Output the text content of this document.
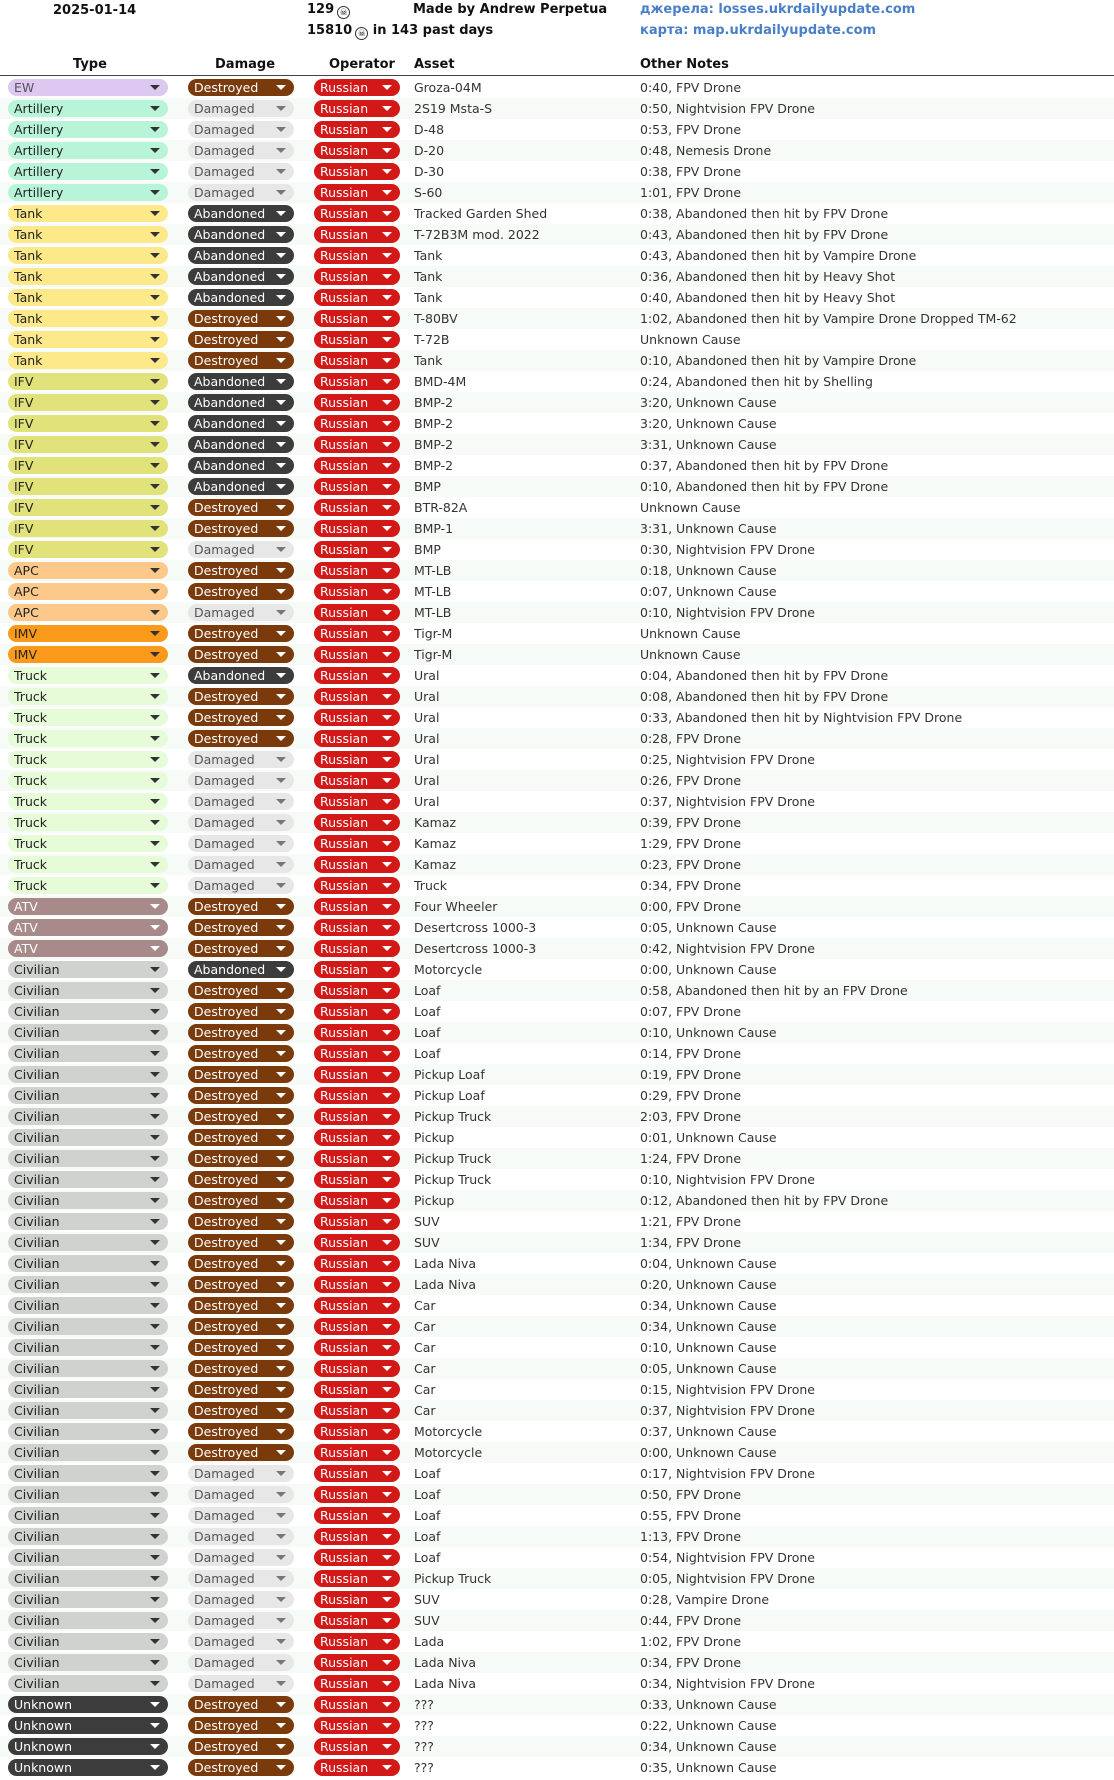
2025-01-14	129 ☠
15810 ☠ in 143 past days
Made by Andrew Perpetua	джерела: losses.ukrdailyupdate.com
карта: map.ukrdailyupdate.com
Type	Damage	Operator Asset	Other Notes
EW	Destroyed	Russian	Groza-04M	0:40, FPV Drone
Artillery	Damaged	Russian	2S19 Msta-S	0:50, Nightvision FPV Drone
Artillery	Damaged	Russian	D-48	0:53, FPV Drone
Artillery	Damaged	Russian	D-20	0:48, Nemesis Drone
Artillery	Damaged	Russian	D-30	0:38, FPV Drone
Artillery	Damaged	Russian	S-60	1:01, FPV Drone
Tank	Abandoned	Russian	Tracked Garden Shed	0:38, Abandoned then hit by FPV Drone
Tank	Abandoned	Russian	T-72B3M mod. 2022	0:43, Abandoned then hit by FPV Drone
Tank	Abandoned	Russian	Tank	0:43, Abandoned then hit by Vampire Drone
Tank	Abandoned	Russian	Tank	0:36, Abandoned then hit by Heavy Shot
Tank	Abandoned	Russian	Tank	0:40, Abandoned then hit by Heavy Shot
Tank	Destroyed	Russian	T-80BV	1:02, Abandoned then hit by Vampire Drone Dropped TM-62
Tank	Destroyed	Russian	T-72B	Unknown Cause
Tank	Destroyed	Russian	Tank	0:10, Abandoned then hit by Vampire Drone
IFV	Abandoned	Russian	BMD-4M	0:24, Abandoned then hit by Shelling
IFV	Abandoned	Russian	BMP-2	3:20, Unknown Cause
IFV	Abandoned	Russian	BMP-2	3:20, Unknown Cause
IFV	Abandoned	Russian	BMP-2	3:31, Unknown Cause
IFV	Abandoned	Russian	BMP-2	0:37, Abandoned then hit by FPV Drone
IFV	Abandoned	Russian	BMP	0:10, Abandoned then hit by FPV Drone
IFV	Destroyed	Russian	BTR-82A	Unknown Cause
IFV	Destroyed	Russian	BMP-1	3:31, Unknown Cause
IFV	Damaged	Russian	BMP	0:30, Nightvision FPV Drone
APC	Destroyed	Russian	MT-LB	0:18, Unknown Cause
APC	Destroyed	Russian	MT-LB	0:07, Unknown Cause
APC	Damaged	Russian	MT-LB	0:10, Nightvision FPV Drone
IMV	Destroyed	Russian	Tigr-M	Unknown Cause
IMV	Destroyed	Russian	Tigr-M	Unknown Cause
Truck	Abandoned	Russian	Ural	0:04, Abandoned then hit by FPV Drone
Truck	Destroyed	Russian	Ural	0:08, Abandoned then hit by FPV Drone
Truck	Destroyed	Russian	Ural	0:33, Abandoned then hit by Nightvision FPV Drone
Truck	Destroyed	Russian	Ural	0:28, FPV Drone
Truck	Damaged	Russian	Ural	0:25, Nightvision FPV Drone
Truck	Damaged	Russian	Ural	0:26, FPV Drone
Truck	Damaged	Russian	Ural	0:37, Nightvision FPV Drone
Truck	Damaged	Russian	Kamaz	0:39, FPV Drone
Truck	Damaged	Russian	Kamaz	1:29, FPV Drone
Truck	Damaged	Russian	Kamaz	0:23, FPV Drone
Truck	Damaged	Russian	Truck	0:34, FPV Drone
ATV	Destroyed	Russian	Four Wheeler	0:00, FPV Drone
ATV	Destroyed	Russian	Desertcross 1000-3	0:05, Unknown Cause
ATV	Destroyed	Russian	Desertcross 1000-3	0:42, Nightvision FPV Drone
Civilian	Abandoned	Russian	Motorcycle	0:00, Unknown Cause
Civilian	Destroyed	Russian	Loaf	0:58, Abandoned then hit by an FPV Drone
Civilian	Destroyed	Russian	Loaf	0:07, FPV Drone
Civilian	Destroyed	Russian	Loaf	0:10, Unknown Cause
Civilian	Destroyed	Russian	Loaf	0:14, FPV Drone
Civilian	Destroyed	Russian	Pickup Loaf	0:19, FPV Drone
Civilian	Destroyed	Russian	Pickup Loaf	0:29, FPV Drone
Civilian	Destroyed	Russian	Pickup Truck	2:03, FPV Drone
Civilian	Destroyed	Russian	Pickup	0:01, Unknown Cause
Civilian	Destroyed	Russian	Pickup Truck	1:24, FPV Drone
Civilian	Destroyed	Russian	Pickup Truck	0:10, Nightvision FPV Drone
Civilian	Destroyed	Russian	Pickup	0:12, Abandoned then hit by FPV Drone
Civilian	Destroyed	Russian	SUV	1:21, FPV Drone
Civilian	Destroyed	Russian	SUV	1:34, FPV Drone
Civilian	Destroyed	Russian	Lada Niva	0:04, Unknown Cause
Civilian	Destroyed	Russian	Lada Niva	0:20, Unknown Cause
Civilian	Destroyed	Russian	Car	0:34, Unknown Cause
Civilian	Destroyed	Russian	Car	0:34, Unknown Cause
Civilian	Destroyed	Russian	Car	0:10, Unknown Cause
Civilian	Destroyed	Russian	Car	0:05, Unknown Cause
Civilian	Destroyed	Russian	Car	0:15, Nightvision FPV Drone
Civilian	Destroyed	Russian	Car	0:37, Nightvision FPV Drone
Civilian	Destroyed	Russian	Motorcycle	0:37, Unknown Cause
Civilian	Destroyed	Russian	Motorcycle	0:00, Unknown Cause
Civilian	Damaged	Russian	Loaf	0:17, Nightvision FPV Drone
Civilian	Damaged	Russian	Loaf	0:50, FPV Drone
Civilian	Damaged	Russian	Loaf	0:55, FPV Drone
Civilian	Damaged	Russian	Loaf	1:13, FPV Drone
Civilian	Damaged	Russian	Loaf	0:54, Nightvision FPV Drone
Civilian	Damaged	Russian	Pickup Truck	0:05, Nightvision FPV Drone
Civilian	Damaged	Russian	SUV	0:28, Vampire Drone
Civilian	Damaged	Russian	SUV	0:44, FPV Drone
Civilian	Damaged	Russian	Lada	1:02, FPV Drone
Civilian	Damaged	Russian	Lada Niva	0:34, FPV Drone
Civilian	Damaged	Russian	Lada Niva	0:34, Nightvision FPV Drone
Unknown	Destroyed	Russian	???	0:33, Unknown Cause
Unknown	Destroyed	Russian	???	0:22, Unknown Cause
Unknown	Destroyed	Russian	???	0:34, Unknown Cause
Unknown	Destroyed	Russian	???	0:35, Unknown Cause
